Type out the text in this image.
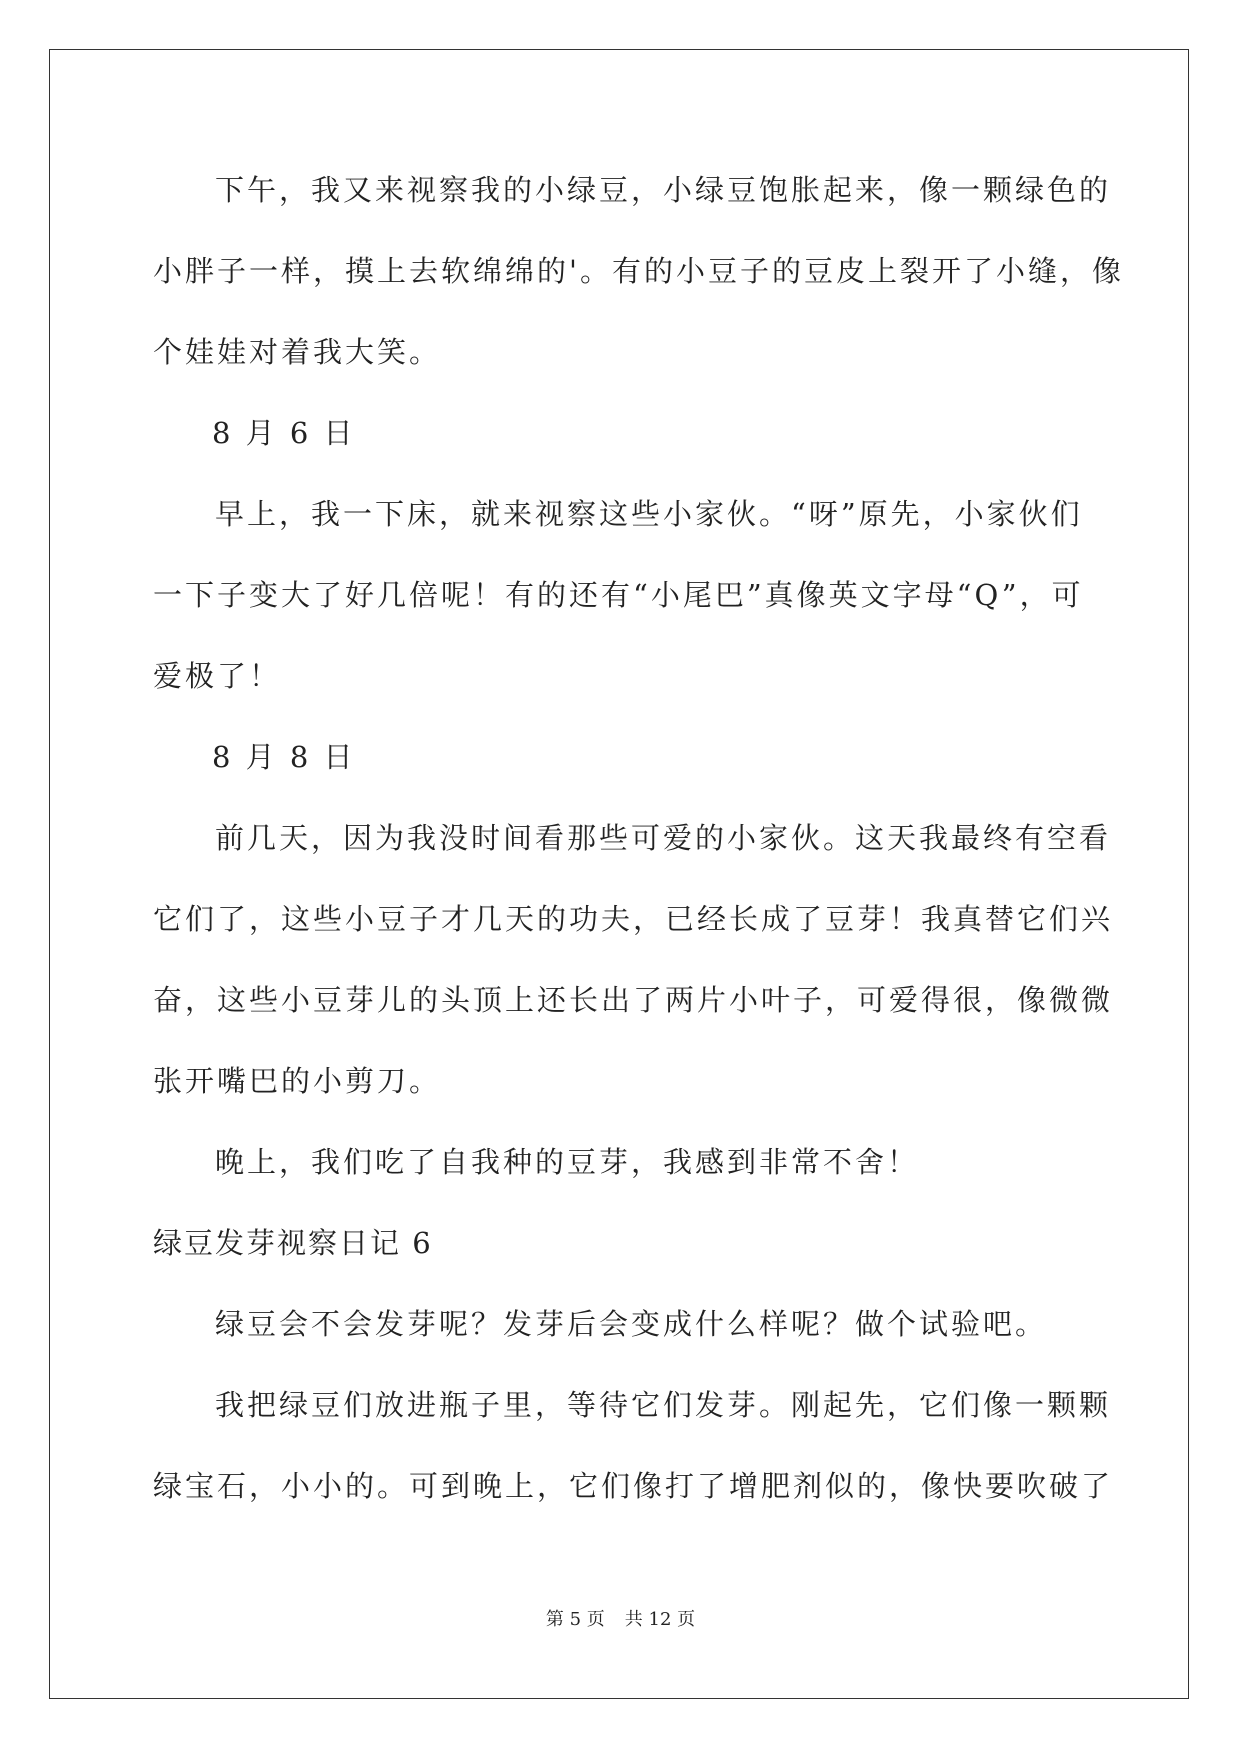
下午，我又来视察我的小绿豆，小绿豆饱胀起来，像一颗绿色的
小胖子一样，摸上去软绵绵的'。有的小豆子的豆皮上裂开了小缝，像
个娃娃对着我大笑。
8 月 6 日
早上，我一下床，就来视察这些小家伙。“呀”原先，小家伙们
一下子变大了好几倍呢！有的还有“小尾巴”真像英文字母“Q”，可
爱极了！
8 月 8 日
前几天，因为我没时间看那些可爱的小家伙。这天我最终有空看
它们了，这些小豆子才几天的功夫，已经长成了豆芽！我真替它们兴
奋，这些小豆芽儿的头顶上还长出了两片小叶子，可爱得很，像微微
张开嘴巴的小剪刀。
晚上，我们吃了自我种的豆芽，我感到非常不舍！
绿豆发芽视察日记 6
绿豆会不会发芽呢？发芽后会变成什么样呢？做个试验吧。
我把绿豆们放进瓶子里，等待它们发芽。刚起先，它们像一颗颗
绿宝石，小小的。可到晚上，它们像打了增肥剂似的，像快要吹破了
第 5 页 共 12 页
